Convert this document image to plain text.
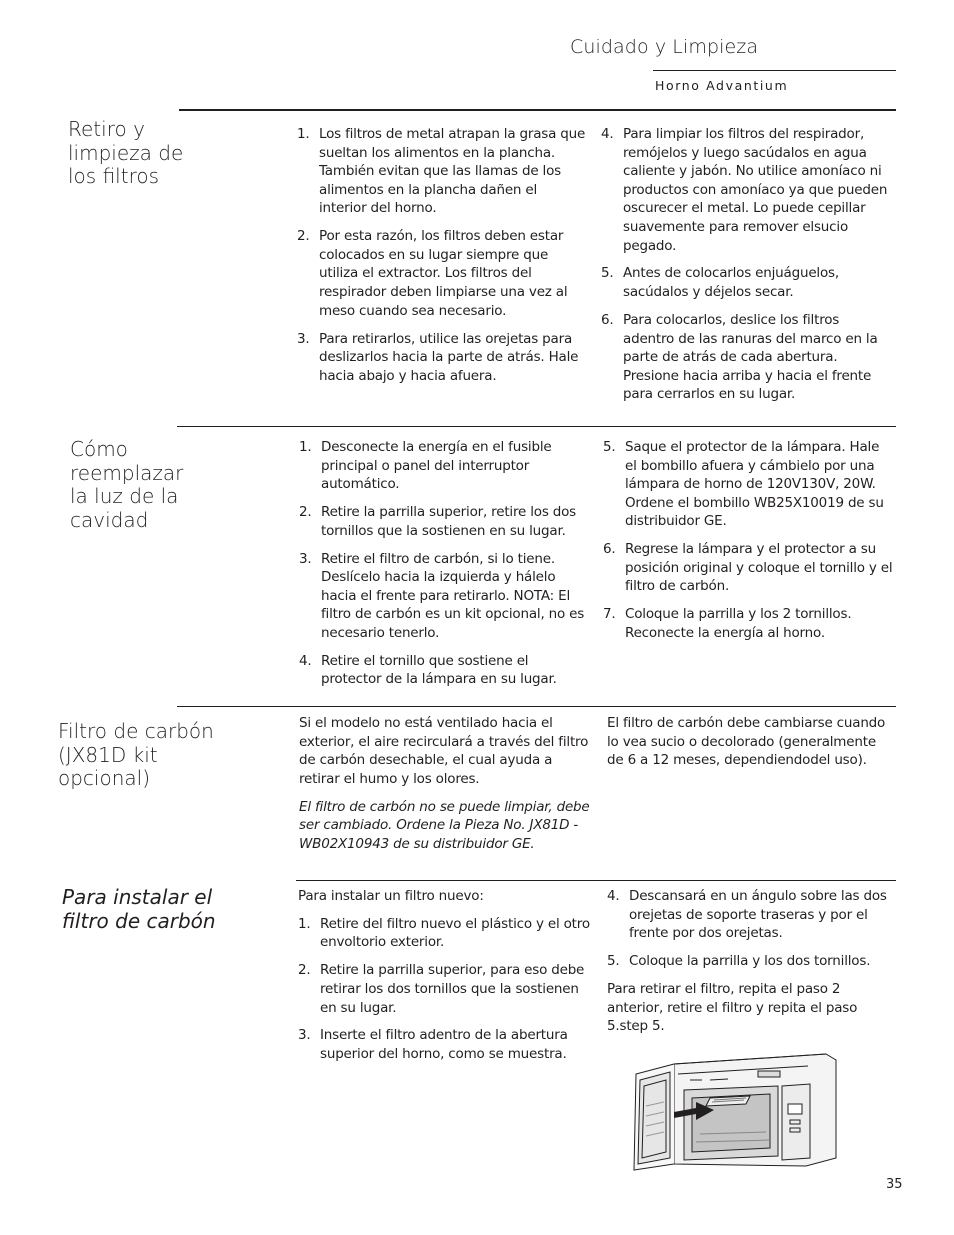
Cuidado y Limpieza
Horno Advantium
Retiro y limpieza de los filtros
1. Los filtros de metal atrapan la grasa que sueltan los alimentos en la plancha. También evitan que las llamas de los alimentos en la plancha dañen el interior del horno.
2. Por esta razón, los filtros deben estar colocados en su lugar siempre que utiliza el extractor. Los filtros del respirador deben limpiarse una vez al meso cuando sea necesario.
3. Para retirarlos, utilice las orejetas para deslizarlos hacia la parte de atrás. Hale hacia abajo y hacia afuera.
4. Para limpiar los filtros del respirador, remójelos y luego sacúdalos en agua caliente y jabón. No utilice amoníaco ni productos con amoníaco ya que pueden oscurecer el metal. Lo puede cepillar suavemente para remover elsucio pegado.
5. Antes de colocarlos enjuáguelos, sacúdalos y déjelos secar.
6. Para colocarlos, deslice los filtros adentro de las ranuras del marco en la parte de atrás de cada abertura. Presione hacia arriba y hacia el frente para cerrarlos en su lugar.
Cómo reemplazar la luz de la cavidad
1. Desconecte la energía en el fusible principal o panel del interruptor automático.
2. Retire la parrilla superior, retire los dos tornillos que la sostienen en su lugar.
3. Retire el filtro de carbón, si lo tiene. Deslícelo hacia la izquierda y hálelo hacia el frente para retirarlo. NOTA: El filtro de carbón es un kit opcional, no es necesario tenerlo.
4. Retire el tornillo que sostiene el protector de la lámpara en su lugar.
5. Saque el protector de la lámpara. Hale el bombillo afuera y cámbielo por una lámpara de horno de 120V130V, 20W. Ordene el bombillo WB25X10019 de su distribuidor GE.
6. Regrese la lámpara y el protector a su posición original y coloque el tornillo y el filtro de carbón.
7. Coloque la parrilla y los 2 tornillos. Reconecte la energía al horno.
Filtro de carbón (JX81D kit opcional)

Si el modelo no está ventilado hacia el exterior, el aire recirculará a través del filtro de carbón desechable, el cual ayuda a retirar el humo y los olores.

El filtro de carbón no se puede limpiar, debe ser cambiado. Ordene la Pieza No. JX81D - WB02X10943 de su distribuidor GE.

El filtro de carbón debe cambiarse cuando lo vea sucio o decolorado (generalmente de 6 a 12 meses, dependiendodel uso).

Para instalar el filtro de carbón

Para instalar un filtro nuevo:

1. Retire del filtro nuevo el plástico y el otro envoltorio exterior.
2. Retire la parrilla superior, para eso debe retirar los dos tornillos que la sostienen en su lugar.
3. Inserte el filtro adentro de la abertura superior del horno, como se muestra.
4. Descansará en un ángulo sobre las dos orejetas de soporte traseras y por el frente por dos orejetas.
5. Coloque la parrilla y los dos tornillos.

Para retirar el filtro, repita el paso 2 anterior, retire el filtro y repita el paso 5.step 5.

35
